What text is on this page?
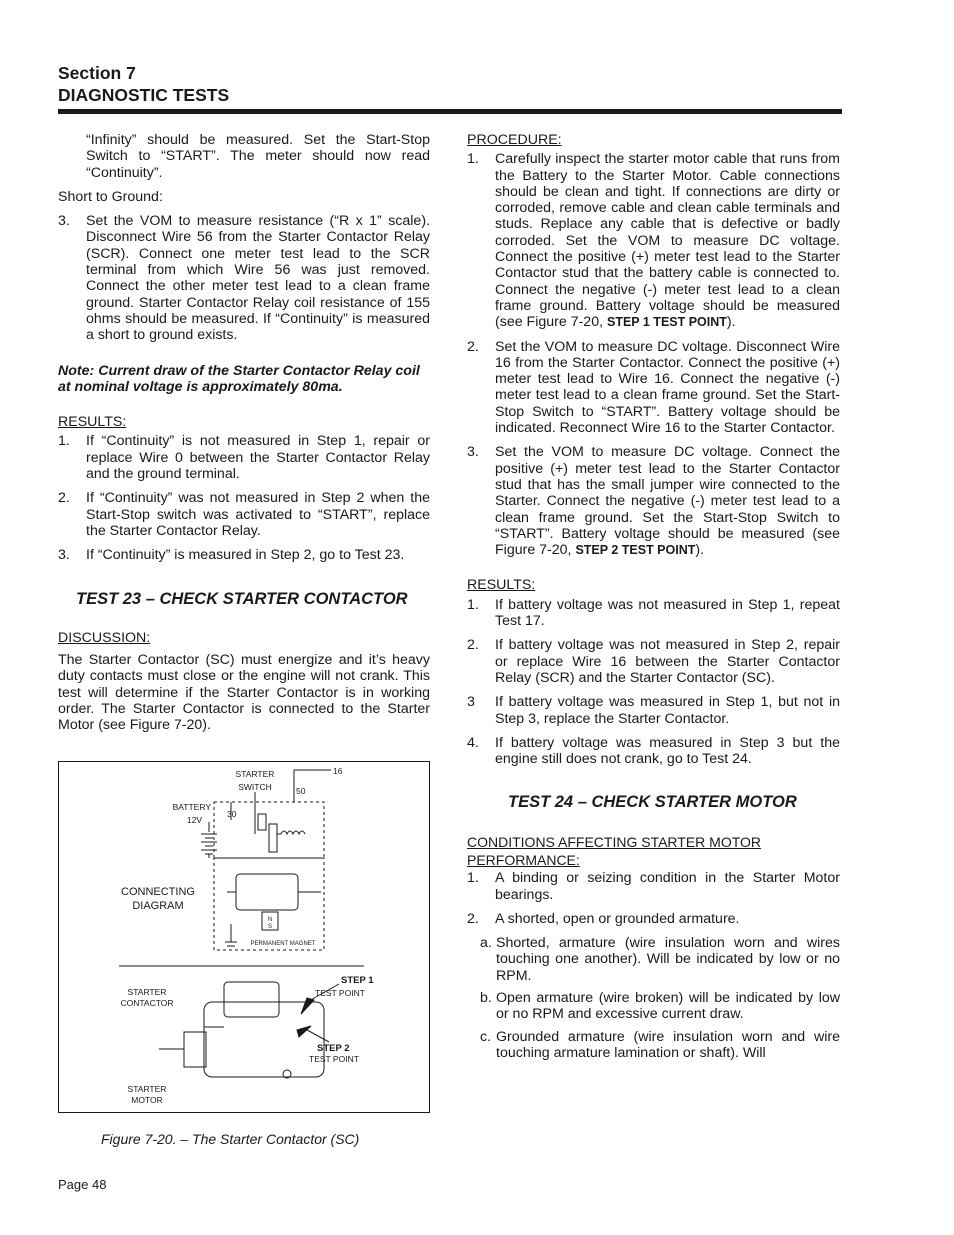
Section 7
DIAGNOSTIC TESTS

“Infinity” should be measured. Set the Start-Stop Switch to “START”. The meter should now read “Continuity”.

Short to Ground:

3. Set the VOM to measure resistance (“R x 1” scale). Disconnect Wire 56 from the Starter Contactor Relay (SCR). Connect one meter test lead to the SCR terminal from which Wire 56 was just removed. Connect the other meter test lead to a clean frame ground. Starter Contactor Relay coil resistance of 155 ohms should be measured. If “Continuity” is measured a short to ground exists.

Note: Current draw of the Starter Contactor Relay coil at nominal voltage is approximately 80ma.

RESULTS:

1. If “Continuity” is not measured in Step 1, repair or replace Wire 0 between the Starter Contactor Relay and the ground terminal.
2. If “Continuity” was not measured in Step 2 when the Start-Stop switch was activated to “START”, replace the Starter Contactor Relay.
3. If “Continuity” is measured in Step 2, go to Test 23.

TEST 23 – CHECK STARTER CONTACTOR

DISCUSSION:

The Starter Contactor (SC) must energize and it’s heavy duty contacts must close or the engine will not crank. This test will determine if the Starter Contactor is in working order. The Starter Contactor is connected to the Starter Motor (see Figure 7-20).

STARTER
SWITCH
16
50
30
BATTERY
12V
CONNECTING
DIAGRAM
N
S
PERMANENT MAGNET
STARTER
CONTACTOR
STARTER
MOTOR
STEP 1
TEST POINT
STEP 2
TEST POINT
Figure 7-20. – The Starter Contactor (SC)

PROCEDURE:

1. Carefully inspect the starter motor cable that runs from the Battery to the Starter Motor. Cable connections should be clean and tight. If connections are dirty or corroded, remove cable and clean cable terminals and studs. Replace any cable that is defective or badly corroded. Set the VOM to measure DC voltage. Connect the positive (+) meter test lead to the Starter Contactor stud that the battery cable is connected to. Connect the negative (-) meter test lead to a clean frame ground. Battery voltage should be measured (see Figure 7-20, STEP 1 TEST POINT).
2. Set the VOM to measure DC voltage. Disconnect Wire 16 from the Starter Contactor. Connect the positive (+) meter test lead to Wire 16. Connect the negative (-) meter test lead to a clean frame ground. Set the Start-Stop Switch to “START”. Battery voltage should be indicated. Reconnect Wire 16 to the Starter Contactor.
3. Set the VOM to measure DC voltage. Connect the positive (+) meter test lead to the Starter Contactor stud that has the small jumper wire connected to the Starter. Connect the negative (-) meter test lead to a clean frame ground. Set the Start-Stop Switch to “START”. Battery voltage should be measured (see Figure 7-20, STEP 2 TEST POINT).

RESULTS:

1. If battery voltage was not measured in Step 1, repeat Test 17.
2. If battery voltage was not measured in Step 2, repair or replace Wire 16 between the Starter Contactor Relay (SCR) and the Starter Contactor (SC).
3 If battery voltage was measured in Step 1, but not in Step 3, replace the Starter Contactor.
4. If battery voltage was measured in Step 3 but the engine still does not crank, go to Test 24.

TEST 24 – CHECK STARTER MOTOR

CONDITIONS AFFECTING STARTER MOTOR

PERFORMANCE:

1. A binding or seizing condition in the Starter Motor bearings.
2. A shorted, open or grounded armature.
a. Shorted, armature (wire insulation worn and wires touching one another). Will be indicated by low or no RPM.
b. Open armature (wire broken) will be indicated by low or no RPM and excessive current draw.
c. Grounded armature (wire insulation worn and wire touching armature lamination or shaft). Will
Page 48
